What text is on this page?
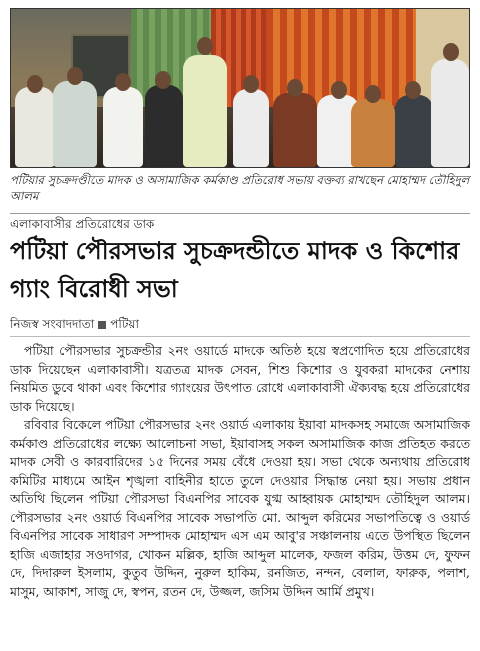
পটিয়ার সুচক্রদণ্ডীতে মাদক ও অসামাজিক কর্মকাণ্ড প্রতিরোধ সভায় বক্তব্য রাখছেন মোহাম্মদ তৌহিদুল আলম
এলাকাবাসীর প্রতিরোধের ডাক
পটিয়া পৌরসভার সুচক্রদন্ডীতে মাদক ও কিশোর গ্যাং বিরোধী সভা
নিজস্ব সংবাদদাতা পটিয়া

পটিয়া পৌরসভার সুচক্রন্ডীর ২নং ওয়ার্ডে মাদকে অতিষ্ঠ হয়ে স্বপ্রণোদিত হয়ে প্রতিরোধের ডাক দিয়েছেন এলাকাবাসী। যত্রতত্র মাদক সেবন, শিশু কিশোর ও যুবকরা মাদকের নেশায় নিয়মিত ডুবে থাকা এবং কিশোর গ্যাংয়ের উৎপাত রোধে এলাকাবাসী ঐক্যবদ্ধ হয়ে প্রতিরোধের ডাক দিয়েছে।

রবিবার বিকেলে পটিয়া পৌরসভার ২নং ওয়ার্ড এলাকায় ইয়াবা মাদকসহ সমাজে অসামাজিক কর্মকাণ্ড প্রতিরোধের লক্ষ্যে আলোচনা সভা, ইয়াবাসহ সকল অসামাজিক কাজ প্রতিহত করতে মাদক সেবী ও কারবারিদের ১৫ দিনের সময় বেঁধে দেওয়া হয়। সভা থেকে অন্যথায় প্রতিরোধ কমিটির মাধ্যমে আইন শৃঙ্খলা বাহিনীর হাতে তুলে দেওয়ার সিদ্ধান্ত নেয়া হয়। সভায় প্রধান অতিথি ছিলেন পটিয়া পৌরসভা বিএনপির সাবেক যুগ্ম আহ্বায়ক মোহাম্মদ তৌহিদুল আলম। পৌরসভার ২নং ওয়ার্ড বিএনপির সাবেক সভাপতি মো. আব্দুল করিমের সভাপতিত্বে ও ওয়ার্ড বিএনপির সাবেক সাধারণ সম্পাদক মোহাম্মদ এস এম আবু'র সঞ্চালনায় এতে উপস্থিত ছিলেন হাজি এজাহার সওদাগর, খোকন মল্লিক, হাজি আব্দুল মালেক, ফজল করিম, উত্তম দে, ফুফন দে, দিদারুল ইসলাম, কুতুব উদ্দিন, নুরুল হাকিম, রনজিত, নন্দন, বেলাল, ফারুক, পলাশ, মাসুম, আকাশ, সাজু দে, স্বপন, রতন দে, উজ্জল, জসিম উদ্দিন আর্মি প্রমুখ।
